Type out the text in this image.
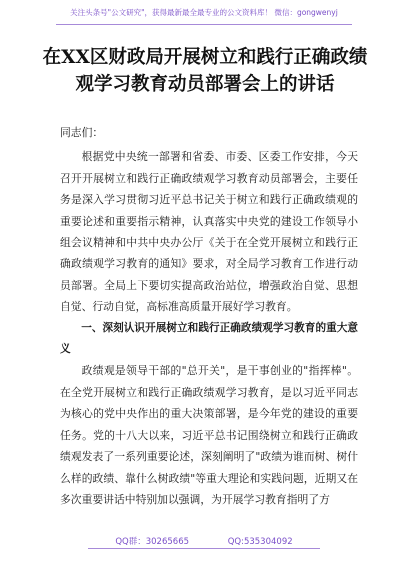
关注头条号"公文研究"，获得最新最全最专业的公文资料库！ 微信：gongwenyj
在XX区财政局开展树立和践行正确政绩观学习教育动员部署会上的讲话

同志们：

根据党中央统一部署和省委、市委、区委工作安排，今天召开开展树立和践行正确政绩观学习教育动员部署会，主要任务是深入学习贯彻习近平总书记关于树立和践行正确政绩观的重要论述和重要指示精神，认真落实中央党的建设工作领导小组会议精神和中共中央办公厅《关于在全党开展树立和践行正确政绩观学习教育的通知》要求，对全局学习教育工作进行动员部署。全局上下要切实提高政治站位，增强政治自觉、思想自觉、行动自觉，高标准高质量开展好学习教育。

一、深刻认识开展树立和践行正确政绩观学习教育的重大意义

政绩观是领导干部的"总开关"，是干事创业的"指挥棒"。在全党开展树立和践行正确政绩观学习教育，是以习近平同志为核心的党中央作出的重大决策部署，是今年党的建设的重要任务。党的十八大以来，习近平总书记围绕树立和践行正确政绩观发表了一系列重要论述，深刻阐明了"政绩为谁而树、树什么样的政绩、靠什么树政绩"等重大理论和实践问题，近期又在多次重要讲话中特别加以强调，为开展学习教育指明了方

QQ群：30265665	QQ:535304092
